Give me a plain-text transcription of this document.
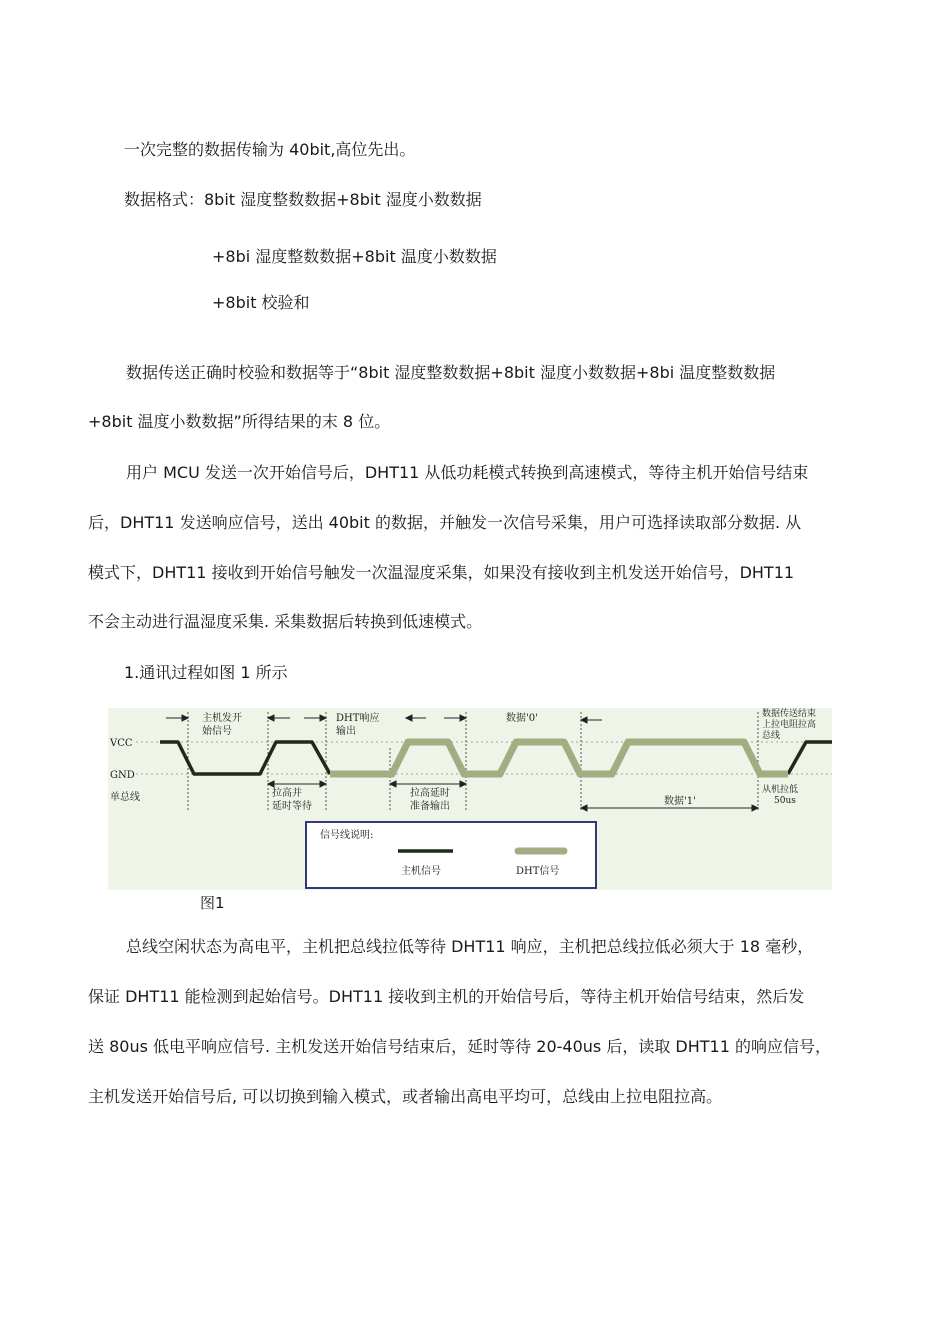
一次完整的数据传输为 40bit,高位先出。
数据格式：8bit 湿度整数数据+8bit 湿度小数数据
+8bi 湿度整数数据+8bit 温度小数数据
+8bit 校验和
数据传送正确时校验和数据等于“8bit 湿度整数数据+8bit 湿度小数数据+8bi 温度整数数据
+8bit 温度小数数据”所得结果的末 8 位。
用户 MCU 发送一次开始信号后，DHT11 从低功耗模式转换到高速模式，等待主机开始信号结束
后，DHT11 发送响应信号，送出 40bit 的数据，并触发一次信号采集，用户可选择读取部分数据. 从
模式下，DHT11 接收到开始信号触发一次温湿度采集，如果没有接收到主机发送开始信号，DHT11
不会主动进行温湿度采集. 采集数据后转换到低速模式。
1.通讯过程如图 1 所示
VCC
GND
单总线
主机发开
始信号
DHT响应
输出
数据'0'	数据传送结束
上拉电阻拉高
总线
拉高并
延时等待
拉高延时
准备输出	数据'1'
从机拉低
50us
信号线说明:
主机信号	DHT信号
图1
总线空闲状态为高电平，主机把总线拉低等待 DHT11 响应，主机把总线拉低必须大于 18 毫秒，
保证 DHT11 能检测到起始信号。DHT11 接收到主机的开始信号后，等待主机开始信号结束，然后发
送 80us 低电平响应信号. 主机发送开始信号结束后，延时等待 20-40us 后，读取 DHT11 的响应信号，
主机发送开始信号后, 可以切换到输入模式，或者输出高电平均可，总线由上拉电阻拉高。
